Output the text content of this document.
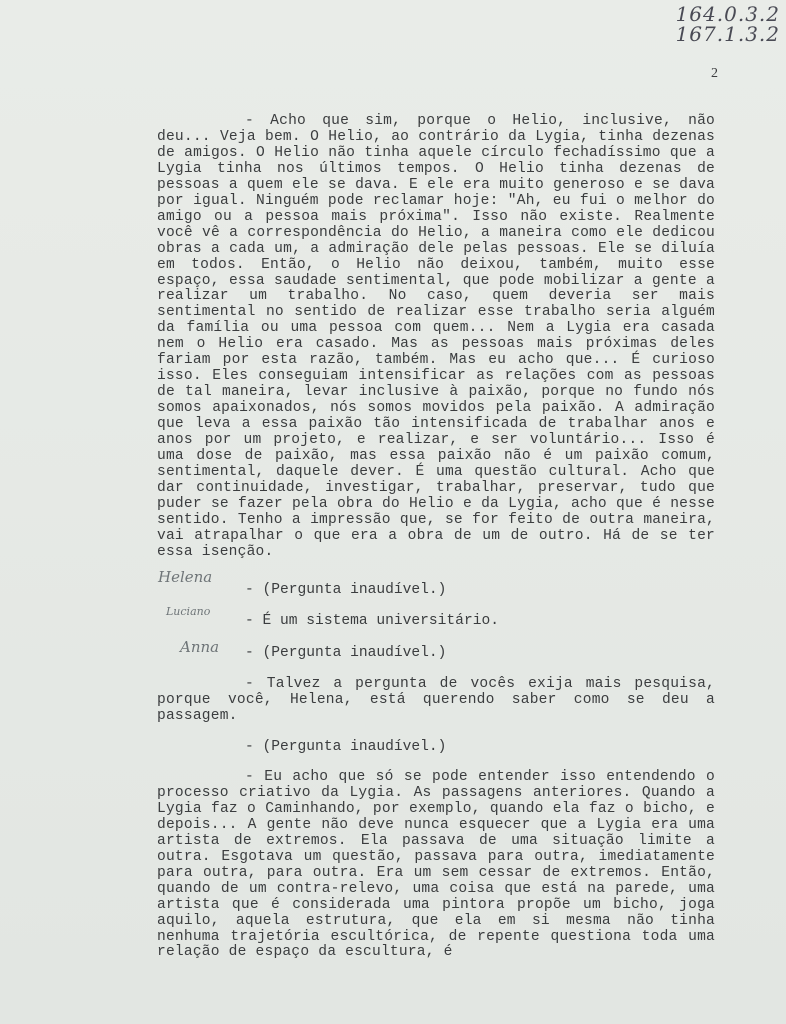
164.0.3.2
167.1.3.2
2
- Acho que sim, porque o Helio, inclusive, não deu... Veja bem. O Helio, ao contrário da Lygia, tinha dezenas de amigos. O Helio não tinha aquele círculo fechadíssimo que a Lygia tinha nos últimos tempos. O Helio tinha dezenas de pessoas a quem ele se dava. E ele era muito generoso e se dava por igual. Ninguém pode reclamar hoje: "Ah, eu fui o melhor do amigo ou a pessoa mais próxima". Isso não existe. Realmente você vê a correspondência do Helio, a maneira como ele dedicou obras a cada um, a admiração dele pelas pessoas. Ele se diluía em todos. Então, o Helio não deixou, também, muito esse espaço, essa saudade sentimental, que pode mobilizar a gente a realizar um trabalho. No caso, quem deveria ser mais sentimental no sentido de realizar esse trabalho seria alguém da família ou uma pessoa com quem... Nem a Lygia era casada nem o Helio era casado. Mas as pessoas mais próximas deles fariam por esta razão, também. Mas eu acho que... É curioso isso. Eles conseguiam intensificar as relações com as pessoas de tal maneira, levar inclusive à paixão, porque no fundo nós somos apaixonados, nós somos movidos pela paixão. A admiração que leva a essa paixão tão intensificada de trabalhar anos e anos por um projeto, e realizar, e ser voluntário... Isso é uma dose de paixão, mas essa paixão não é um paixão comum, sentimental, daquele dever. É uma questão cultural. Acho que dar continuidade, investigar, trabalhar, preservar, tudo que puder se fazer pela obra do Helio e da Lygia, acho que é nesse sentido. Tenho a impressão que, se for feito de outra maneira, vai atrapalhar o que era a obra de um de outro. Há de se ter essa isenção.
Helena
- (Pergunta inaudível.)
Luciano
- É um sistema universitário.
Anna - (Pergunta inaudível.)
- Talvez a pergunta de vocês exija mais pesquisa, porque você, Helena, está querendo saber como se deu a passagem.
- (Pergunta inaudível.)
- Eu acho que só se pode entender isso entendendo o processo criativo da Lygia. As passagens anteriores. Quando a Lygia faz o Caminhando, por exemplo, quando ela faz o bicho, e depois... A gente não deve nunca esquecer que a Lygia era uma artista de extremos. Ela passava de uma situação limite a outra. Esgotava um questão, passava para outra, imediatamente para outra, para outra. Era um sem cessar de extremos. Então, quando de um contra-relevo, uma coisa que está na parede, uma artista que é considerada uma pintora propõe um bicho, joga aquilo, aquela estrutura, que ela em si mesma não tinha nenhuma trajetória escultórica, de repente questiona toda uma relação de espaço da escultura, é
